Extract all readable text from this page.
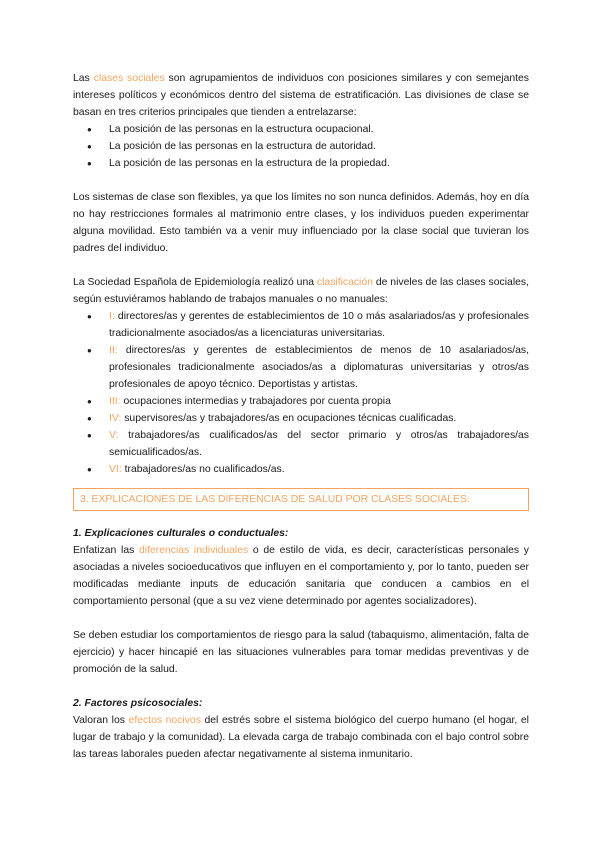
Las clases sociales son agrupamientos de individuos con posiciones similares y con semejantes intereses políticos y económicos dentro del sistema de estratificación. Las divisiones de clase se basan en tres criterios principales que tienden a entrelazarse:

● La posición de las personas en la estructura ocupacional.
● La posición de las personas en la estructura de autoridad.
● La posición de las personas en la estructura de la propiedad.

Los sistemas de clase son flexibles, ya que los límites no son nunca definidos. Además, hoy en día no hay restricciones formales al matrimonio entre clases, y los individuos pueden experimentar alguna movilidad. Esto también va a venir muy influenciado por la clase social que tuvieran los padres del individuo.

La Sociedad Española de Epidemiología realizó una clasificación de niveles de las clases sociales, según estuviéramos hablando de trabajos manuales o no manuales:

● I: directores/as y gerentes de establecimientos de 10 o más asalariados/as y profesionales tradicionalmente asociados/as a licenciaturas universitarias.
● II: directores/as y gerentes de establecimientos de menos de 10 asalariados/as, profesionales tradicionalmente asociados/as a diplomaturas universitarias y otros/as profesionales de apoyo técnico. Deportistas y artistas.
● III: ocupaciones intermedias y trabajadores por cuenta propia
● IV: supervisores/as y trabajadores/as en ocupaciones técnicas cualificadas.
● V: trabajadores/as cualificados/as del sector primario y otros/as trabajadores/as semicualificados/as.
● VI: trabajadores/as no cualificados/as.
3. EXPLICACIONES DE LAS DIFERENCIAS DE SALUD POR CLASES SOCIALES:

1. Explicaciones culturales o conductuales:

Enfatizan las diferencias individuales o de estilo de vida, es decir, características personales y asociadas a niveles socioeducativos que influyen en el comportamiento y, por lo tanto, pueden ser modificadas mediante inputs de educación sanitaria que conducen a cambios en el comportamiento personal (que a su vez viene determinado por agentes socializadores).

Se deben estudiar los comportamientos de riesgo para la salud (tabaquismo, alimentación, falta de ejercicio) y hacer hincapié en las situaciones vulnerables para tomar medidas preventivas y de promoción de la salud.

2. Factores psicosociales:

Valoran los efectos nocivos del estrés sobre el sistema biológico del cuerpo humano (el hogar, el lugar de trabajo y la comunidad). La elevada carga de trabajo combinada con el bajo control sobre las tareas laborales pueden afectar negativamente al sistema inmunitario.
